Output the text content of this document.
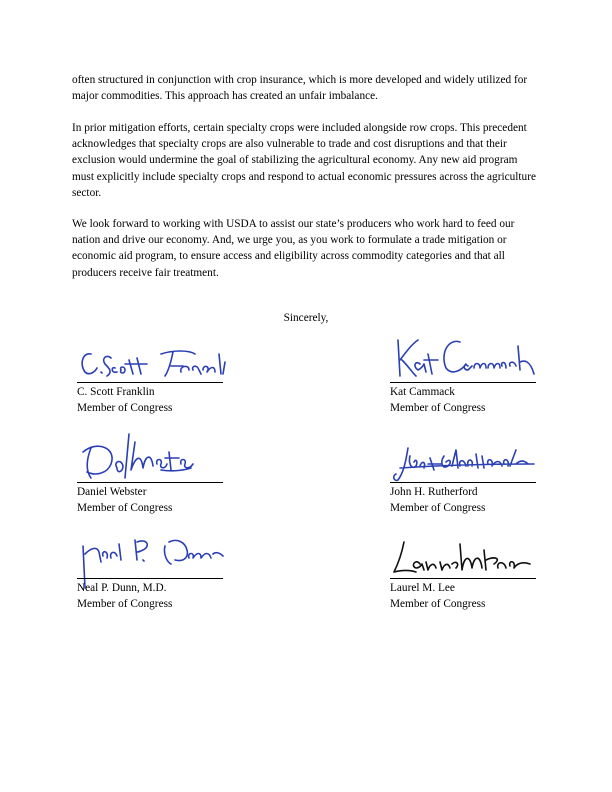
often structured in conjunction with crop insurance, which is more developed and widely utilized for major commodities. This approach has created an unfair imbalance.

In prior mitigation efforts, certain specialty crops were included alongside row crops. This precedent acknowledges that specialty crops are also vulnerable to trade and cost disruptions and that their exclusion would undermine the goal of stabilizing the agricultural economy. Any new aid program must explicitly include specialty crops and respond to actual economic pressures across the agriculture sector.

We look forward to working with USDA to assist our state’s producers who work hard to feed our nation and drive our economy. And, we urge you, as you work to formulate a trade mitigation or economic aid program, to ensure access and eligibility across commodity categories and that all producers receive fair treatment.

Sincerely,

C. Scott Franklin
Member of Congress
Kat Cammack
Member of Congress
Daniel Webster
Member of Congress
John H. Rutherford
Member of Congress
Neal P. Dunn, M.D.
Member of Congress
Laurel M. Lee
Member of Congress
